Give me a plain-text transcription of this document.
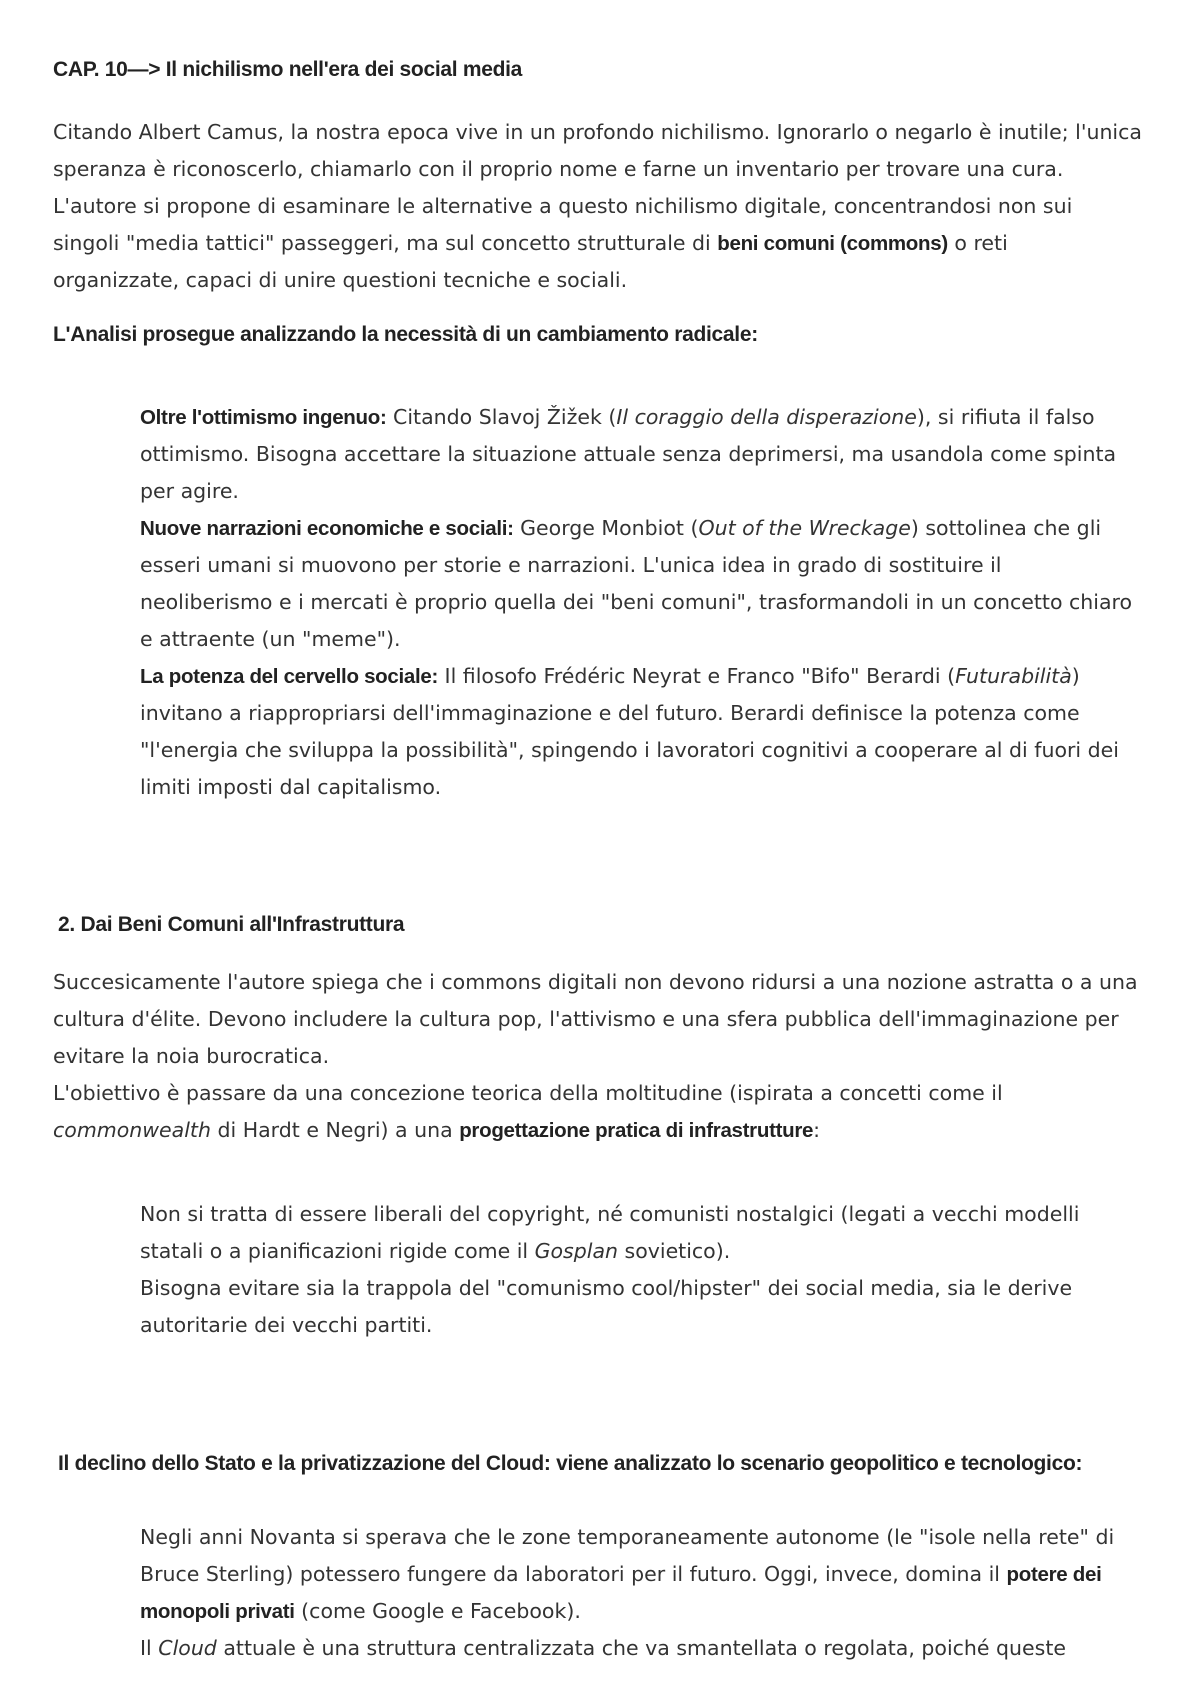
CAP. 10—> Il nichilismo nell'era dei social media
Citando Albert Camus, la nostra epoca vive in un profondo nichilismo. Ignorarlo o negarlo è inutile; l'unica speranza è riconoscerlo, chiamarlo con il proprio nome e farne un inventario per trovare una cura.
L'autore si propone di esaminare le alternative a questo nichilismo digitale, concentrandosi non sui singoli "media tattici" passeggeri, ma sul concetto strutturale di beni comuni (commons) o reti organizzate, capaci di unire questioni tecniche e sociali.
L'Analisi prosegue analizzando la necessità di un cambiamento radicale:
Oltre l'ottimismo ingenuo: Citando Slavoj Žižek (Il coraggio della disperazione), si rifiuta il falso ottimismo. Bisogna accettare la situazione attuale senza deprimersi, ma usandola come spinta per agire.
Nuove narrazioni economiche e sociali: George Monbiot (Out of the Wreckage) sottolinea che gli esseri umani si muovono per storie e narrazioni. L'unica idea in grado di sostituire il neoliberismo e i mercati è proprio quella dei "beni comuni", trasformandoli in un concetto chiaro e attraente (un "meme").
La potenza del cervello sociale: Il filosofo Frédéric Neyrat e Franco "Bifo" Berardi (Futurabilità) invitano a riappropriarsi dell'immaginazione e del futuro. Berardi definisce la potenza come "l'energia che sviluppa la possibilità", spingendo i lavoratori cognitivi a cooperare al di fuori dei limiti imposti dal capitalismo.
2. Dai Beni Comuni all'Infrastruttura
Succesicamente l'autore spiega che i commons digitali non devono ridursi a una nozione astratta o a una cultura d'élite. Devono includere la cultura pop, l'attivismo e una sfera pubblica dell'immaginazione per evitare la noia burocratica.
L'obiettivo è passare da una concezione teorica della moltitudine (ispirata a concetti come il commonwealth di Hardt e Negri) a una progettazione pratica di infrastrutture:
Non si tratta di essere liberali del copyright, né comunisti nostalgici (legati a vecchi modelli statali o a pianificazioni rigide come il Gosplan sovietico).
Bisogna evitare sia la trappola del "comunismo cool/hipster" dei social media, sia le derive autoritarie dei vecchi partiti.
Il declino dello Stato e la privatizzazione del Cloud: viene analizzato lo scenario geopolitico e tecnologico:
Negli anni Novanta si sperava che le zone temporaneamente autonome (le "isole nella rete" di Bruce Sterling) potessero fungere da laboratori per il futuro. Oggi, invece, domina il potere dei monopoli privati (come Google e Facebook).
Il Cloud attuale è una struttura centralizzata che va smantellata o regolata, poiché queste
